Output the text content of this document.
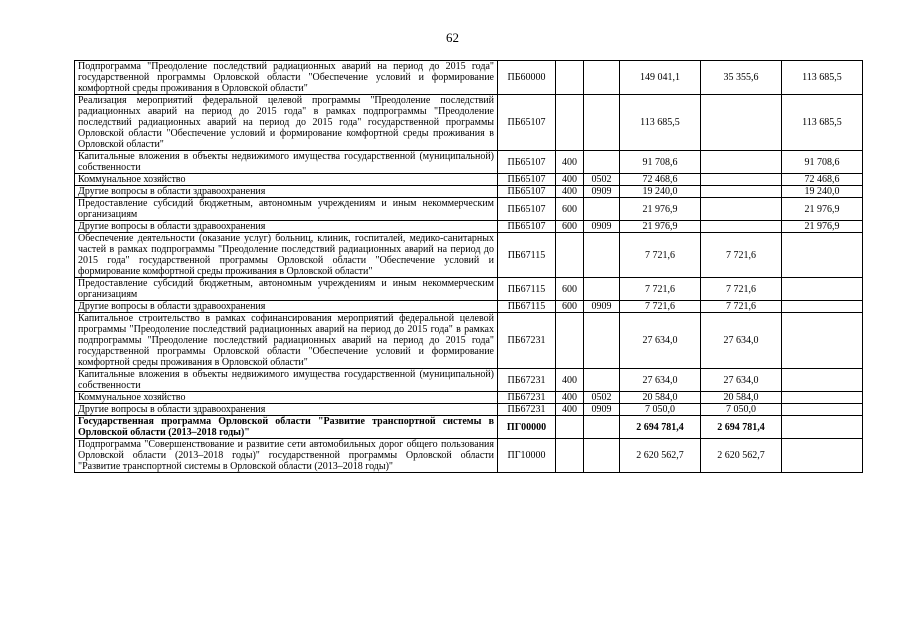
62
Подпрограмма "Преодоление последствий радиационных аварий на период до 2015 года" государственной программы Орловской области "Обеспечение условий и формирование комфортной среды проживания в Орловской области"	ПБ60000			149 041,1	35 355,6	113 685,5
Реализация мероприятий федеральной целевой программы "Преодоление последствий радиационных аварий на период до 2015 года" в рамках подпрограммы "Преодоление последствий радиационных аварий на период до 2015 года" государственной программы Орловской области "Обеспечение условий и формирование комфортной среды проживания в Орловской области"	ПБ65107			113 685,5		113 685,5
Капитальные вложения в объекты недвижимого имущества государственной (муниципальной) собственности	ПБ65107	400		91 708,6		91 708,6
Коммунальное хозяйство	ПБ65107	400	0502	72 468,6		72 468,6
Другие вопросы в области здравоохранения	ПБ65107	400	0909	19 240,0		19 240,0
Предоставление субсидий бюджетным, автономным учреждениям и иным некоммерческим организациям	ПБ65107	600		21 976,9		21 976,9
Другие вопросы в области здравоохранения	ПБ65107	600	0909	21 976,9		21 976,9
Обеспечение деятельности (оказание услуг) больниц, клиник, госпиталей, медико-санитарных частей в рамках подпрограммы "Преодоление последствий радиационных аварий на период до 2015 года" государственной программы Орловской области "Обеспечение условий и формирование комфортной среды проживания в Орловской области"	ПБ67115			7 721,6	7 721,6	
Предоставление субсидий бюджетным, автономным учреждениям и иным некоммерческим организациям	ПБ67115	600		7 721,6	7 721,6	
Другие вопросы в области здравоохранения	ПБ67115	600	0909	7 721,6	7 721,6	
Капитальное строительство в рамках софинансирования мероприятий федеральной целевой программы "Преодоление последствий радиационных аварий на период до 2015 года" в рамках подпрограммы "Преодоление последствий радиационных аварий на период до 2015 года" государственной программы Орловской области "Обеспечение условий и формирование комфортной среды проживания в Орловской области"	ПБ67231			27 634,0	27 634,0	
Капитальные вложения в объекты недвижимого имущества государственной (муниципальной) собственности	ПБ67231	400		27 634,0	27 634,0	
Коммунальное хозяйство	ПБ67231	400	0502	20 584,0	20 584,0	
Другие вопросы в области здравоохранения	ПБ67231	400	0909	7 050,0	7 050,0	
Государственная программа Орловской области "Развитие транспортной системы в Орловской области (2013–2018 годы)"	ПГ00000			2 694 781,4	2 694 781,4	
Подпрограмма "Совершенствование и развитие сети автомобильных дорог общего пользования Орловской области (2013–2018 годы)" государственной программы Орловской области "Развитие транспортной системы в Орловской области (2013–2018 годы)"	ПГ10000			2 620 562,7	2 620 562,7	
